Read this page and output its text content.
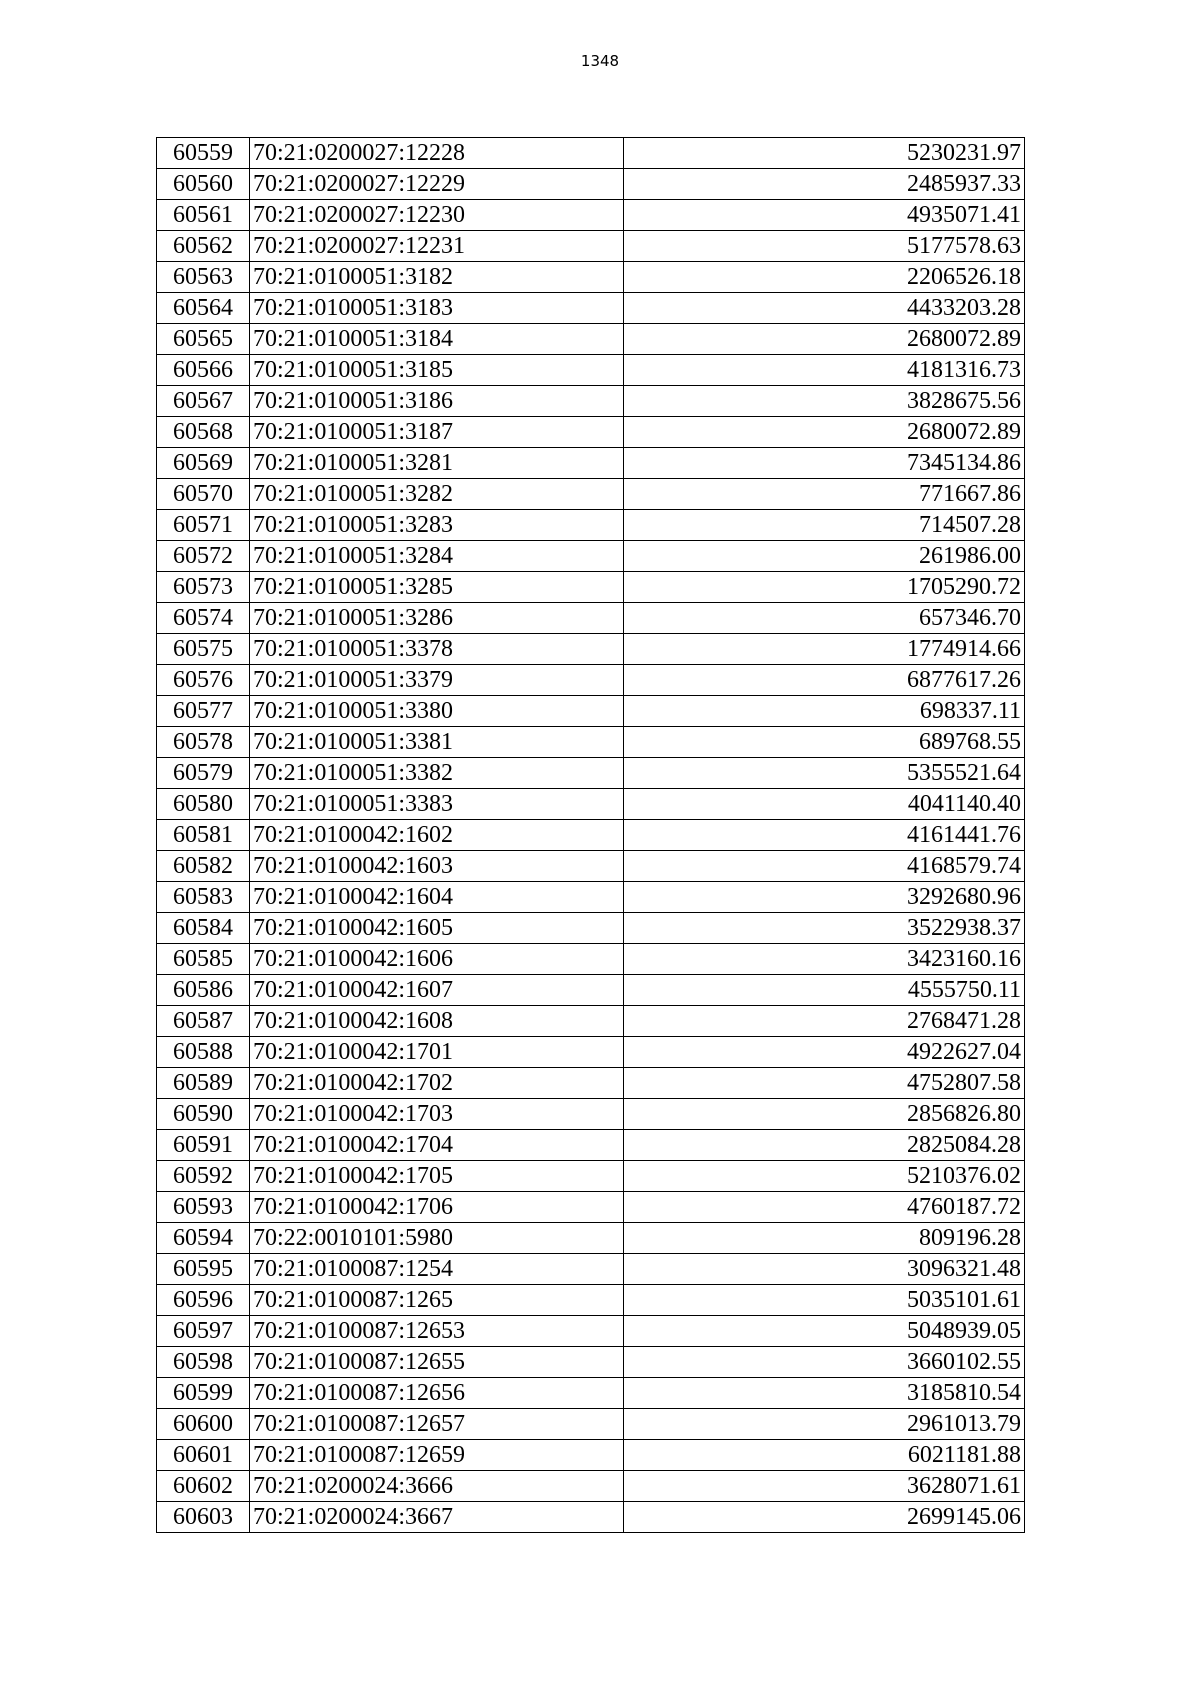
1348
60559	70:21:0200027:12228	5230231.97
60560	70:21:0200027:12229	2485937.33
60561	70:21:0200027:12230	4935071.41
60562	70:21:0200027:12231	5177578.63
60563	70:21:0100051:3182	2206526.18
60564	70:21:0100051:3183	4433203.28
60565	70:21:0100051:3184	2680072.89
60566	70:21:0100051:3185	4181316.73
60567	70:21:0100051:3186	3828675.56
60568	70:21:0100051:3187	2680072.89
60569	70:21:0100051:3281	7345134.86
60570	70:21:0100051:3282	771667.86
60571	70:21:0100051:3283	714507.28
60572	70:21:0100051:3284	261986.00
60573	70:21:0100051:3285	1705290.72
60574	70:21:0100051:3286	657346.70
60575	70:21:0100051:3378	1774914.66
60576	70:21:0100051:3379	6877617.26
60577	70:21:0100051:3380	698337.11
60578	70:21:0100051:3381	689768.55
60579	70:21:0100051:3382	5355521.64
60580	70:21:0100051:3383	4041140.40
60581	70:21:0100042:1602	4161441.76
60582	70:21:0100042:1603	4168579.74
60583	70:21:0100042:1604	3292680.96
60584	70:21:0100042:1605	3522938.37
60585	70:21:0100042:1606	3423160.16
60586	70:21:0100042:1607	4555750.11
60587	70:21:0100042:1608	2768471.28
60588	70:21:0100042:1701	4922627.04
60589	70:21:0100042:1702	4752807.58
60590	70:21:0100042:1703	2856826.80
60591	70:21:0100042:1704	2825084.28
60592	70:21:0100042:1705	5210376.02
60593	70:21:0100042:1706	4760187.72
60594	70:22:0010101:5980	809196.28
60595	70:21:0100087:1254	3096321.48
60596	70:21:0100087:1265	5035101.61
60597	70:21:0100087:12653	5048939.05
60598	70:21:0100087:12655	3660102.55
60599	70:21:0100087:12656	3185810.54
60600	70:21:0100087:12657	2961013.79
60601	70:21:0100087:12659	6021181.88
60602	70:21:0200024:3666	3628071.61
60603	70:21:0200024:3667	2699145.06
